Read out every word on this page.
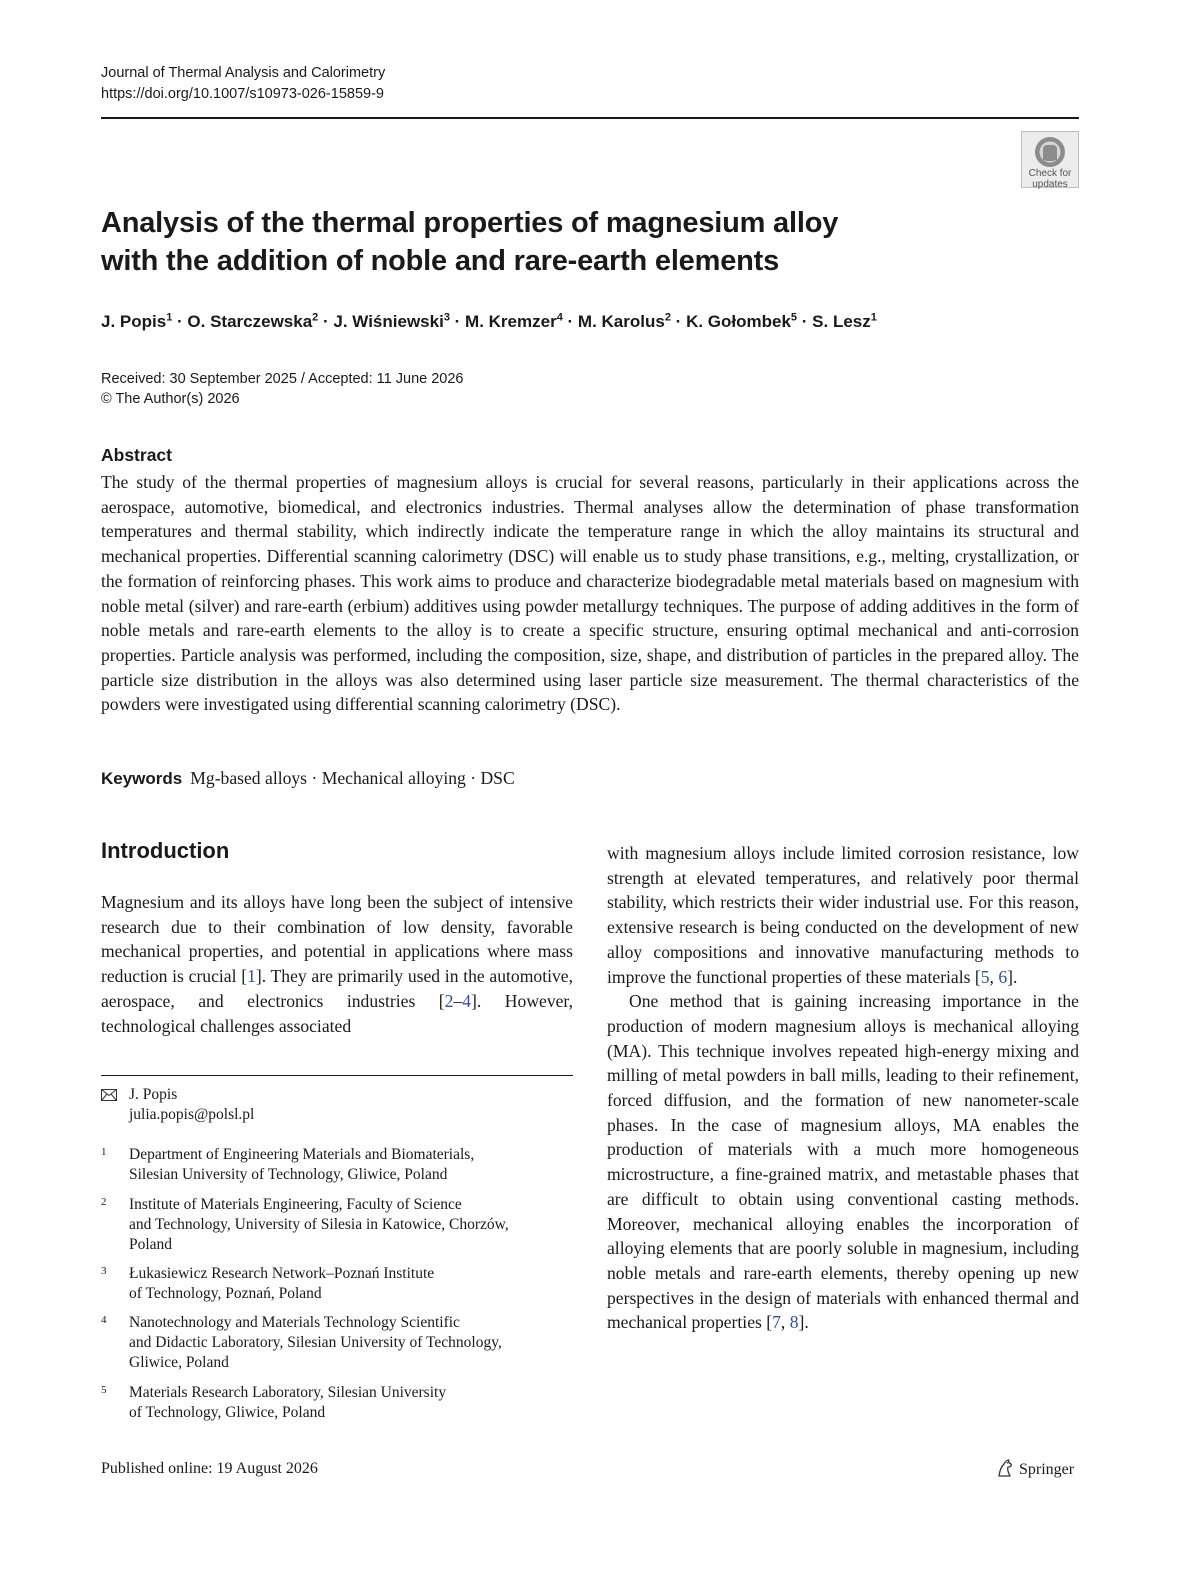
Journal of Thermal Analysis and Calorimetry
https://doi.org/10.1007/s10973-026-15859-9
Check for
updates
Analysis of the thermal properties of magnesium alloy
with the addition of noble and rare-earth elements
J. Popis$^1$ · O. Starczewska$^2$ · J. Wiśniewski$^3$ · M. Kremzer$^4$ · M. Karolus$^2$ · K. Gołombek$^5$ · S. Lesz$^1$
Received: 30 September 2025 / Accepted: 11 June 2026
© The Author(s) 2026
Abstract

The study of the thermal properties of magnesium alloys is crucial for several reasons, particularly in their applications across the aerospace, automotive, biomedical, and electronics industries. Thermal analyses allow the determination of phase transformation temperatures and thermal stability, which indirectly indicate the temperature range in which the alloy maintains its structural and mechanical properties. Differential scanning calorimetry (DSC) will enable us to study phase transitions, e.g., melting, crystallization, or the formation of reinforcing phases. This work aims to produce and characterize biodegradable metal materials based on magnesium with noble metal (silver) and rare-earth (erbium) additives using powder metallurgy techniques. The purpose of adding additives in the form of noble metals and rare-earth elements to the alloy is to create a specific structure, ensuring optimal mechanical and anti-corrosion properties. Particle analysis was performed, including the composition, size, shape, and distribution of particles in the prepared alloy. The particle size distribution in the alloys was also determined using laser particle size measurement. The thermal characteristics of the powders were investigated using differential scanning calorimetry (DSC).

Keywords Mg-based alloys · Mechanical alloying · DSC
Introduction

Magnesium and its alloys have long been the subject of intensive research due to their combination of low density, favorable mechanical properties, and potential in applications where mass reduction is crucial [1]. They are primarily used in the automotive, aerospace, and electronics industries [2–4]. However, technological challenges associated

with magnesium alloys include limited corrosion resistance, low strength at elevated temperatures, and relatively poor thermal stability, which restricts their wider industrial use. For this reason, extensive research is being conducted on the development of new alloy compositions and innovative manufacturing methods to improve the functional properties of these materials [5, 6].

One method that is gaining increasing importance in the production of modern magnesium alloys is mechanical alloying (MA). This technique involves repeated high-energy mixing and milling of metal powders in ball mills, leading to their refinement, forced diffusion, and the formation of new nanometer-scale phases. In the case of magnesium alloys, MA enables the production of materials with a much more homogeneous microstructure, a fine-grained matrix, and metastable phases that are difficult to obtain using conventional casting methods. Moreover, mechanical alloying enables the incorporation of alloying elements that are poorly soluble in magnesium, including noble metals and rare-earth elements, thereby opening up new perspectives in the design of materials with enhanced thermal and mechanical properties [7, 8].

J. Popis
julia.popis@polsl.pl
1 Department of Engineering Materials and Biomaterials,
Silesian University of Technology, Gliwice, Poland
2 Institute of Materials Engineering, Faculty of Science
and Technology, University of Silesia in Katowice, Chorzów,
Poland
3 Łukasiewicz Research Network–Poznań Institute
of Technology, Poznań, Poland
4 Nanotechnology and Materials Technology Scientific
and Didactic Laboratory, Silesian University of Technology,
Gliwice, Poland
5 Materials Research Laboratory, Silesian University
of Technology, Gliwice, Poland
Published online: 19 August 2026	Springer
